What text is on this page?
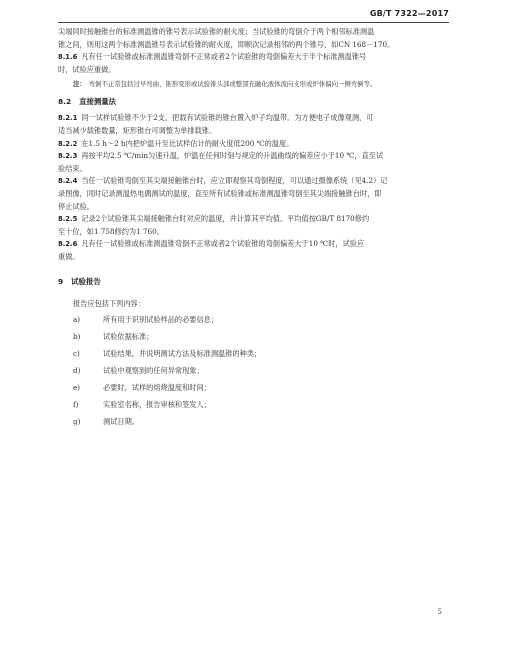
GB/T 7322—2017
尖端同时接触锥台的标准测温锥的锥号表示试验锥的耐火度；当试验锥的弯倒介于两个相邻标准测温
锥之间，则用这两个标准测温锥号表示试验锥的耐火度，即顺次记录相邻的两个锥号，如CN 168－170。
8.1.6 凡有任一试验锥或标准测温锥弯倒不正常或者2个试验锥的弯倒偏差大于半个标准测温锥号
时，试验应重做。
注： 弯倒不正常包括过早弯曲、锥形变形或试验锥头部或整部充融化液体流向支形或炉体偏向一侧弯倒等。
8.2 直接测量法
8.2.1 同一试样试验锥不少于2支，把载有试验锥的锥台置入炉子均温带。为方便电子成像观测，可
适当减少载锥数量，矩形锥台可调整为单排载锥。
8.2.2 在1.5 h～2 h内把炉温升至比试样估计的耐火度低200 ℃的温度。
8.2.3 再按平均2.5 ℃/min匀速升温，炉温在任何时刻与规定的升温曲线的偏差应小于10 ℃，直至试
验结束。
8.2.4 当任一试验锥弯倒至其尖端接触锥台时，应立即观察其弯倒程度，可以通过摄像系统（见4.2）记
录图像，同时记录测温热电偶测试的温度，直至所有试验锥或标准测温锥弯倒至其尖端接触锥台时，即
停止试验。
8.2.5 记录2个试验锥其尖端接触锥台时对应的温度，并计算其平均值。平均值按GB/T 8170修约
至十位，如1 758修约为1 760。
8.2.6 凡有任一试验锥或标准测温锥弯倒不正常或者2个试验锥的弯倒偏差大于10 ℃时，试验应
重做。
9 试验报告
报告应包括下列内容：
a)	所有用于识别试验样品的必要信息；
b)	试验依据标准；
c)	试验结果，并说明测试方法及标准测温锥的种类；
d)	试验中观察到的任何异常现象；
e)	必要时，试样的熔烧温度和时间；
f)	实验室名称，报告审核和签发人；
g)	测试日期。
5
